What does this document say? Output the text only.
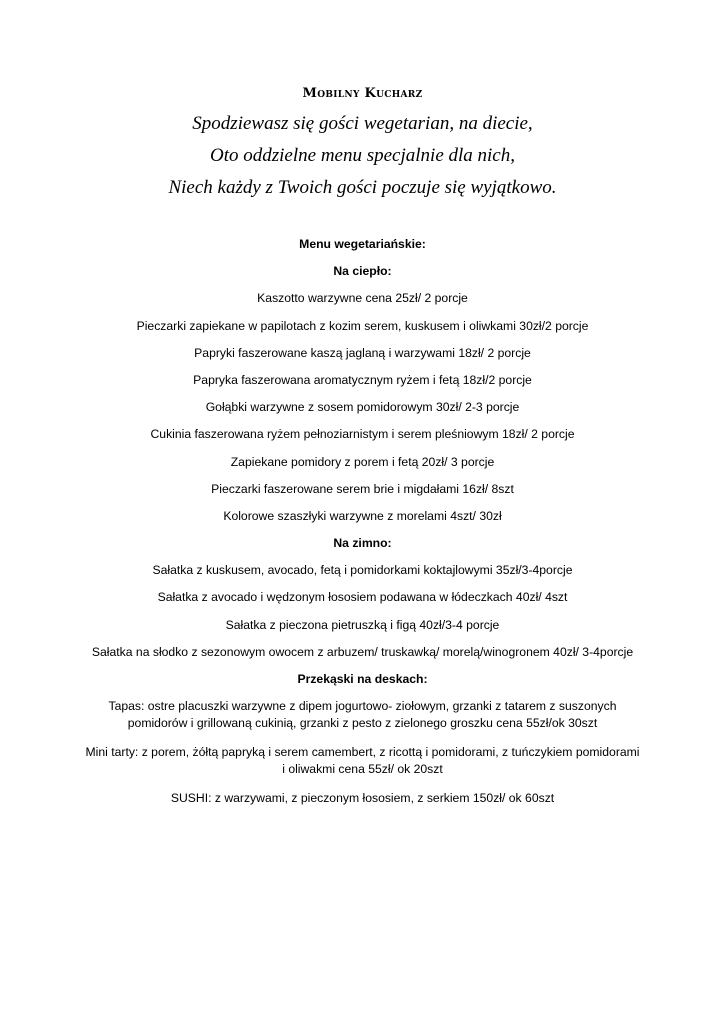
Mobilny Kucharz

Spodziewasz się gości wegetarian, na diecie,

Oto oddzielne menu specjalnie dla nich,

Niech każdy z Twoich gości poczuje się wyjątkowo.

Menu wegetariańskie:

Na ciepło:

Kaszotto warzywne cena 25zł/ 2 porcje

Pieczarki zapiekane w papilotach z kozim serem, kuskusem i oliwkami 30zł/2 porcje

Papryki faszerowane kaszą jaglaną i warzywami 18zł/ 2 porcje

Papryka faszerowana aromatycznym ryżem i fetą 18zł/2 porcje

Gołąbki warzywne z sosem pomidorowym 30zł/ 2-3 porcje

Cukinia faszerowana ryżem pełnoziarnistym i serem pleśniowym 18zł/ 2 porcje

Zapiekane pomidory z porem i fetą 20zł/ 3 porcje

Pieczarki faszerowane serem brie i migdałami 16zł/ 8szt

Kolorowe szaszłyki warzywne z morelami 4szt/ 30zł

Na zimno:

Sałatka z kuskusem, avocado, fetą i pomidorkami koktajlowymi 35zł/3-4porcje

Sałatka z avocado i wędzonym łososiem podawana w łódeczkach 40zł/ 4szt

Sałatka z pieczona pietruszką i figą 40zł/3-4 porcje

Sałatka na słodko z sezonowym owocem z arbuzem/ truskawką/ morelą/winogronem 40zł/ 3-4porcje

Przekąski na deskach:

Tapas: ostre placuszki warzywne z dipem jogurtowo- ziołowym, grzanki z tatarem z suszonych pomidorów i grillowaną cukinią, grzanki z pesto z zielonego groszku cena 55zł/ok 30szt

Mini tarty: z porem, żółtą papryką i serem camembert, z ricottą i pomidorami, z tuńczykiem pomidorami i oliwakmi cena 55zł/ ok 20szt

SUSHI: z warzywami, z pieczonym łososiem, z serkiem 150zł/ ok 60szt
